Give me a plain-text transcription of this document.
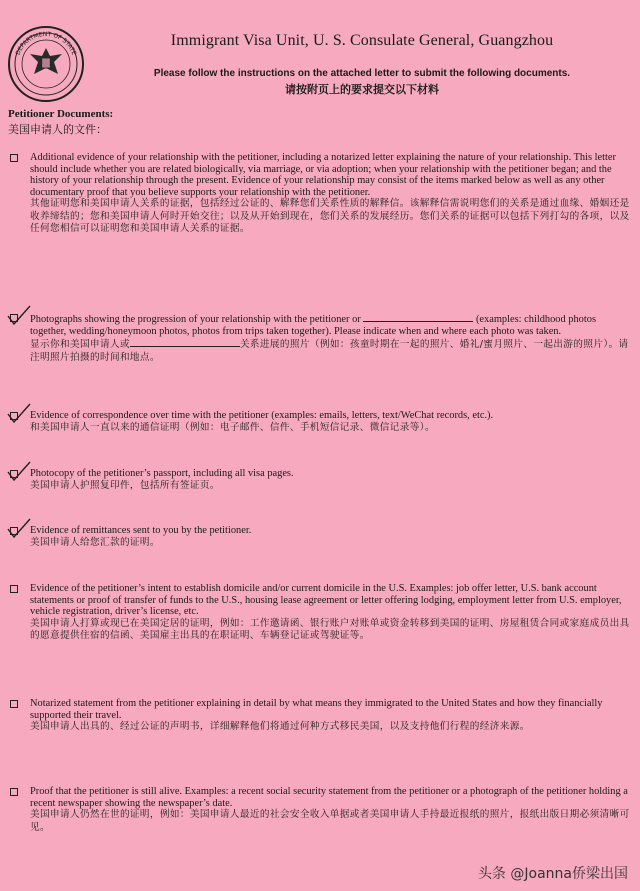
DEPARTMENT OF STATE
Immigrant Visa Unit, U. S. Consulate General, Guangzhou
Please follow the instructions on the attached letter to submit the following documents.
请按附页上的要求提交以下材料
Petitioner Documents:
美国申请人的文件：
Additional evidence of your relationship with the petitioner, including a notarized letter explaining the nature of your relationship. This letter should include whether you are related biologically, via marriage, or via adoption; when your relationship with the petitioner began; and the history of your relationship through the present. Evidence of your relationship may consist of the items marked below as well as any other documentary proof that you believe supports your relationship with the petitioner.
其他证明您和美国申请人关系的证据，包括经过公证的、解释您们关系性质的解释信。该解释信需说明您们的关系是通过血缘、婚姻还是收养缔结的；您和美国申请人何时开始交往；以及从开始到现在，您们关系的发展经历。您们关系的证据可以包括下列打勾的各项，以及任何您相信可以证明您和美国申请人关系的证据。
Photographs showing the progression of your relationship with the petitioner or	(examples: childhood photos together, wedding/honeymoon photos, photos from trips taken together). Please indicate when and where each photo was taken.
显示你和美国申请人或	关系进展的照片（例如：孩童时期在一起的照片、婚礼/蜜月照片、一起出游的照片）。请注明照片拍摄的时间和地点。
Evidence of correspondence over time with the petitioner (examples: emails, letters, text/WeChat records, etc.).
和美国申请人一直以来的通信证明（例如：电子邮件、信件、手机短信记录、微信记录等）。
Photocopy of the petitioner’s passport, including all visa pages.
美国申请人护照复印件，包括所有签证页。
Evidence of remittances sent to you by the petitioner.
美国申请人给您汇款的证明。
Evidence of the petitioner’s intent to establish domicile and/or current domicile in the U.S. Examples: job offer letter, U.S. bank account statements or proof of transfer of funds to the U.S., housing lease agreement or letter offering lodging, employment letter from U.S. employer, vehicle registration, driver’s license, etc.
美国申请人打算或现已在美国定居的证明，例如：工作邀请函、银行账户对账单或资金转移到美国的证明、房屋租赁合同或家庭成员出具的愿意提供住宿的信函、美国雇主出具的在职证明、车辆登记证或驾驶证等。
Notarized statement from the petitioner explaining in detail by what means they immigrated to the United States and how they financially supported their travel.
美国申请人出具的、经过公证的声明书，详细解释他们将通过何种方式移民美国，以及支持他们行程的经济来源。
Proof that the petitioner is still alive. Examples: a recent social security statement from the petitioner or a photograph of the petitioner holding a recent newspaper showing the newspaper’s date.
美国申请人仍然在世的证明，例如：美国申请人最近的社会安全收入单据或者美国申请人手持最近报纸的照片，报纸出版日期必须清晰可见。
头条 @Joanna侨梁出国
